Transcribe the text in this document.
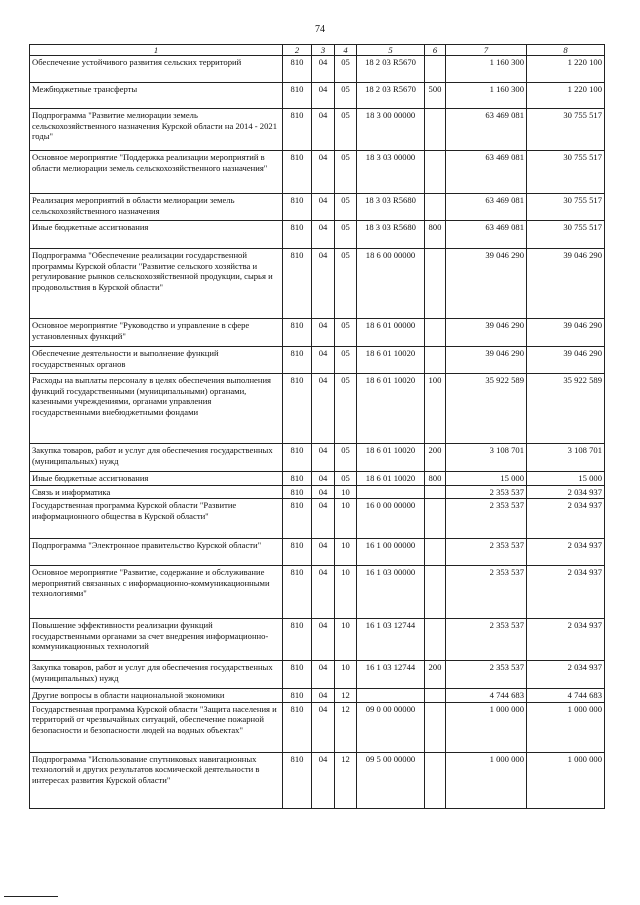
74
1	2	3	4	5	6	7	8
Обеспечение устойчивого развития сельских территорий	810	04	05	18 2 03 R5670		1 160 300	1 220 100
Межбюджетные трансферты	810	04	05	18 2 03 R5670	500	1 160 300	1 220 100
Подпрограмма "Развитие мелиорации земель сельскохозяйственного назначения Курской области на 2014 - 2021 годы"	810	04	05	18 3 00 00000		63 469 081	30 755 517
Основное мероприятие "Поддержка реализации мероприятий в области мелиорации земель сельскохозяйственного назначения"	810	04	05	18 3 03 00000		63 469 081	30 755 517
Реализация мероприятий в области мелиорации земель сельскохозяйственного назначения	810	04	05	18 3 03 R5680		63 469 081	30 755 517
Иные бюджетные ассигнования	810	04	05	18 3 03 R5680	800	63 469 081	30 755 517
Подпрограмма "Обеспечение реализации государственной программы Курской области "Развитие сельского хозяйства и регулирование рынков сельскохозяйственной продукции, сырья и продовольствия в Курской области"	810	04	05	18 6 00 00000		39 046 290	39 046 290
Основное мероприятие "Руководство и управление в сфере установленных функций"	810	04	05	18 6 01 00000		39 046 290	39 046 290
Обеспечение деятельности и выполнение функций государственных органов	810	04	05	18 6 01 10020		39 046 290	39 046 290
Расходы на выплаты персоналу в целях обеспечения выполнения функций государственными (муниципальными) органами, казенными учреждениями, органами управления государственными внебюджетными фондами	810	04	05	18 6 01 10020	100	35 922 589	35 922 589
Закупка товаров, работ и услуг для обеспечения государственных (муниципальных) нужд	810	04	05	18 6 01 10020	200	3 108 701	3 108 701
Иные бюджетные ассигнования	810	04	05	18 6 01 10020	800	15 000	15 000
Связь и информатика	810	04	10			2 353 537	2 034 937
Государственная программа Курской области "Развитие информационного общества в Курской области"	810	04	10	16 0 00 00000		2 353 537	2 034 937
Подпрограмма "Электронное правительство Курской области"	810	04	10	16 1 00 00000		2 353 537	2 034 937
Основное мероприятие "Развитие, содержание и обслуживание мероприятий связанных с информационно-коммуникационными технологиями"	810	04	10	16 1 03 00000		2 353 537	2 034 937
Повышение эффективности реализации функций государственными органами за счет внедрения информационно-коммуникационных технологий	810	04	10	16 1 03 12744		2 353 537	2 034 937
Закупка товаров, работ и услуг для обеспечения государственных (муниципальных) нужд	810	04	10	16 1 03 12744	200	2 353 537	2 034 937
Другие вопросы в области национальной экономики	810	04	12			4 744 683	4 744 683
Государственная программа Курской области "Защита населения и территорий от чрезвычайных ситуаций, обеспечение пожарной безопасности и безопасности людей на водных объектах"	810	04	12	09 0 00 00000		1 000 000	1 000 000
Подпрограмма "Использование спутниковых навигационных технологий и других результатов космической деятельности в интересах развития Курской области"	810	04	12	09 5 00 00000		1 000 000	1 000 000
